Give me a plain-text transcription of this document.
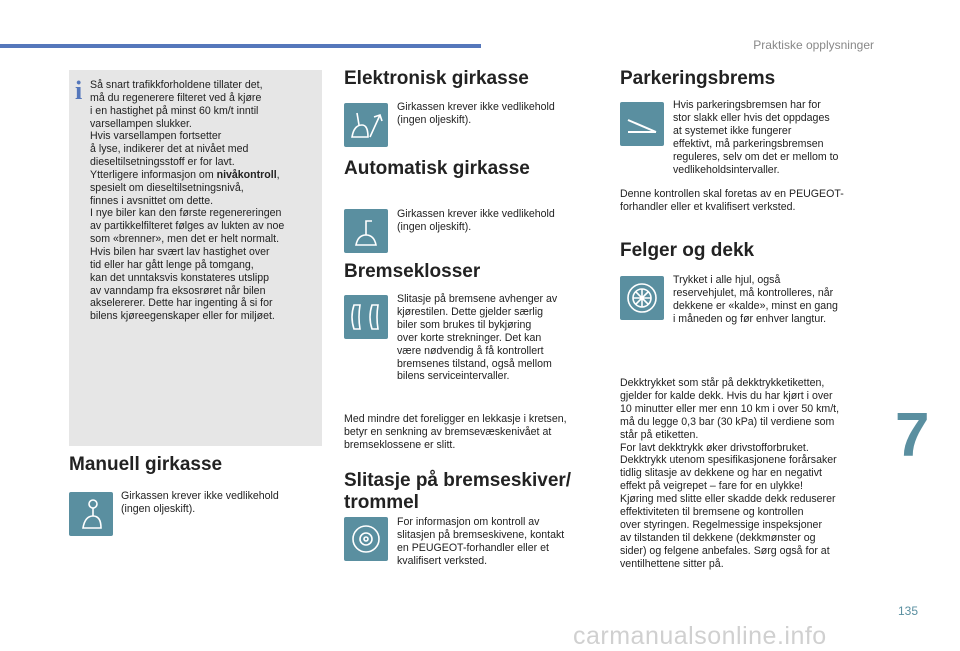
Praktiske opplysninger
i Så snart trafikkforholdene tillater det,
må du regenerere filteret ved å kjøre
i en hastighet på minst 60 km/t inntil
varsellampen slukker.
Hvis varsellampen fortsetter
å lyse, indikerer det at nivået med
dieseltilsetningsstoff er for lavt.
Ytterligere informasjon om nivåkontroll,
spesielt om dieseltilsetningsnivå,
finnes i avsnittet om dette.
I nye biler kan den første regenereringen
av partikkelfilteret følges av lukten av noe
som «brenner», men det er helt normalt.
Hvis bilen har svært lav hastighet over
tid eller har gått lenge på tomgang,
kan det unntaksvis konstateres utslipp
av vanndamp fra eksosrøret når bilen
akselererer. Dette har ingenting å si for
bilens kjøreegenskaper eller for miljøet.
Manuell girkasse
Girkassen krever ikke vedlikehold
(ingen oljeskift).
Elektronisk girkasse
Girkassen krever ikke vedlikehold
(ingen oljeskift).
Automatisk girkasse
Girkassen krever ikke vedlikehold
(ingen oljeskift).
Bremseklosser
Slitasje på bremsene avhenger av
kjørestilen. Dette gjelder særlig
biler som brukes til bykjøring
over korte strekninger. Det kan
være nødvendig å få kontrollert
bremsenes tilstand, også mellom
bilens serviceintervaller.
Med mindre det foreligger en lekkasje i kretsen,
betyr en senkning av bremsevæskenivået at
bremseklossene er slitt.
Slitasje på bremseskiver/
trommel
For informasjon om kontroll av
slitasjen på bremseskivene, kontakt
en PEUGEOT-forhandler eller et
kvalifisert verksted.
Parkeringsbrems
Hvis parkeringsbremsen har for
stor slakk eller hvis det oppdages
at systemet ikke fungerer
effektivt, må parkeringsbremsen
reguleres, selv om det er mellom to
vedlikeholdsintervaller.
Denne kontrollen skal foretas av en PEUGEOT-
forhandler eller et kvalifisert verksted.
Felger og dekk
Trykket i alle hjul, også
reservehjulet, må kontrolleres, når
dekkene er «kalde», minst en gang
i måneden og før enhver langtur.
Dekktrykket som står på dekktrykketiketten,
gjelder for kalde dekk. Hvis du har kjørt i over
10 minutter eller mer enn 10 km i over 50 km/t,
må du legge 0,3 bar (30 kPa) til verdiene som
står på etiketten.
For lavt dekktrykk øker drivstofforbruket.
Dekktrykk utenom spesifikasjonene forårsaker
tidlig slitasje av dekkene og har en negativt
effekt på veigrepet – fare for en ulykke!
Kjøring med slitte eller skadde dekk reduserer
effektiviteten til bremsene og kontrollen
over styringen. Regelmessige inspeksjoner
av tilstanden til dekkene (dekkmønster og
sider) og felgene anbefales. Sørg også for at
ventilhettene sitter på.
7
135
carmanualsonline.info
